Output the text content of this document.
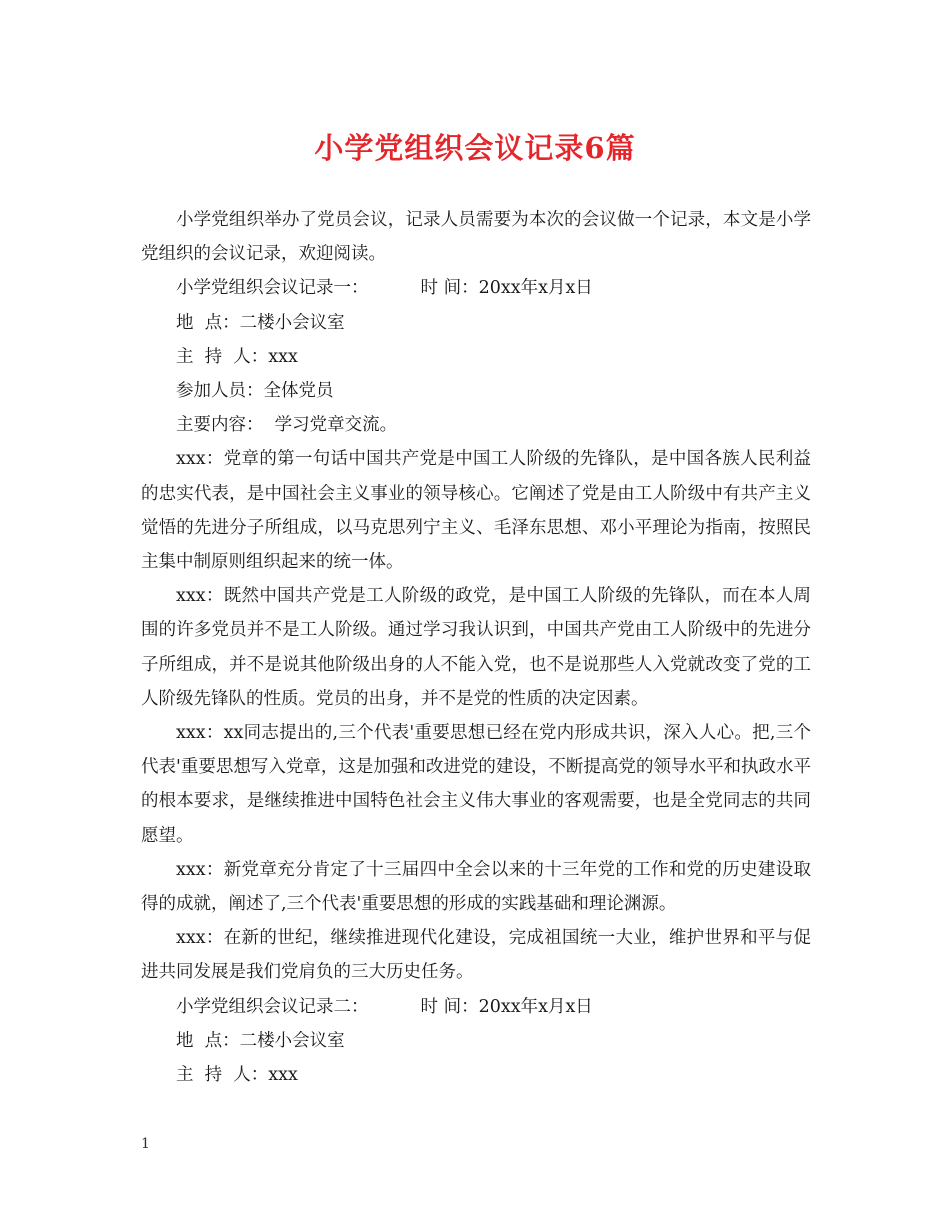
小学党组织会议记录6篇

小学党组织举办了党员会议，记录人员需要为本次的会议做一个记录，本文是小学党组织的会议记录，欢迎阅读。

小学党组织会议记录一：	时 间：20xx年x月x日

地  点：二楼小会议室

主  持  人：xxx

参加人员：全体党员

主要内容：  学习党章交流。

xxx：党章的第一句话中国共产党是中国工人阶级的先锋队，是中国各族人民利益的忠实代表，是中国社会主义事业的领导核心。它阐述了党是由工人阶级中有共产主义觉悟的先进分子所组成，以马克思列宁主义、毛泽东思想、邓小平理论为指南，按照民主集中制原则组织起来的统一体。

xxx：既然中国共产党是工人阶级的政党，是中国工人阶级的先锋队，而在本人周围的许多党员并不是工人阶级。通过学习我认识到，中国共产党由工人阶级中的先进分子所组成，并不是说其他阶级出身的人不能入党，也不是说那些人入党就改变了党的工人阶级先锋队的性质。党员的出身，并不是党的性质的决定因素。

xxx：xx同志提出的,三个代表'重要思想已经在党内形成共识，深入人心。把,三个代表'重要思想写入党章，这是加强和改进党的建设，不断提高党的领导水平和执政水平的根本要求，是继续推进中国特色社会主义伟大事业的客观需要，也是全党同志的共同愿望。

xxx：新党章充分肯定了十三届四中全会以来的十三年党的工作和党的历史建设取得的成就，阐述了,三个代表'重要思想的形成的实践基础和理论渊源。

xxx：在新的世纪，继续推进现代化建设，完成祖国统一大业，维护世界和平与促进共同发展是我们党肩负的三大历史任务。

小学党组织会议记录二：	时 间：20xx年x月x日

地  点：二楼小会议室

主  持  人：xxx

1
